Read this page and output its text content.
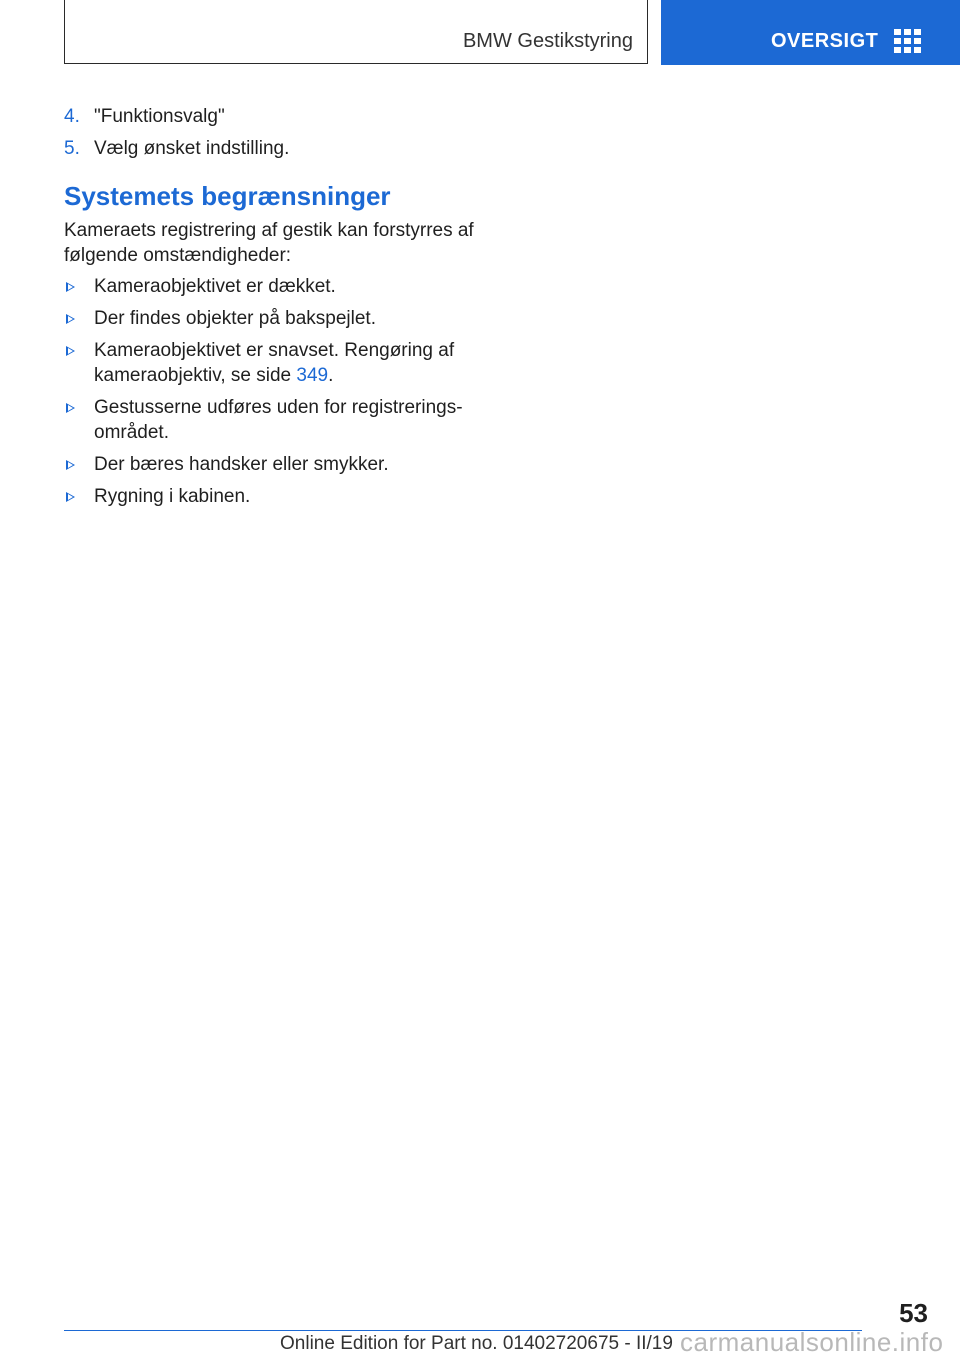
BMW Gestikstyring	OVERSIGT
4. "Funktionsvalg"
5. Vælg ønsket indstilling.
Systemets begrænsninger

Kameraets registrering af gestik kan forstyrres af følgende omstændigheder:

Kameraobjektivet er dækket.
Der findes objekter på bakspejlet.
Kameraobjektivet er snavset. Rengøring af kameraobjektiv, se side 349.
Gestusserne udføres uden for registrerings-området.
Der bæres handsker eller smykker.
Rygning i kabinen.
53
Online Edition for Part no. 01402720675 - II/19 carmanualsonline.info
